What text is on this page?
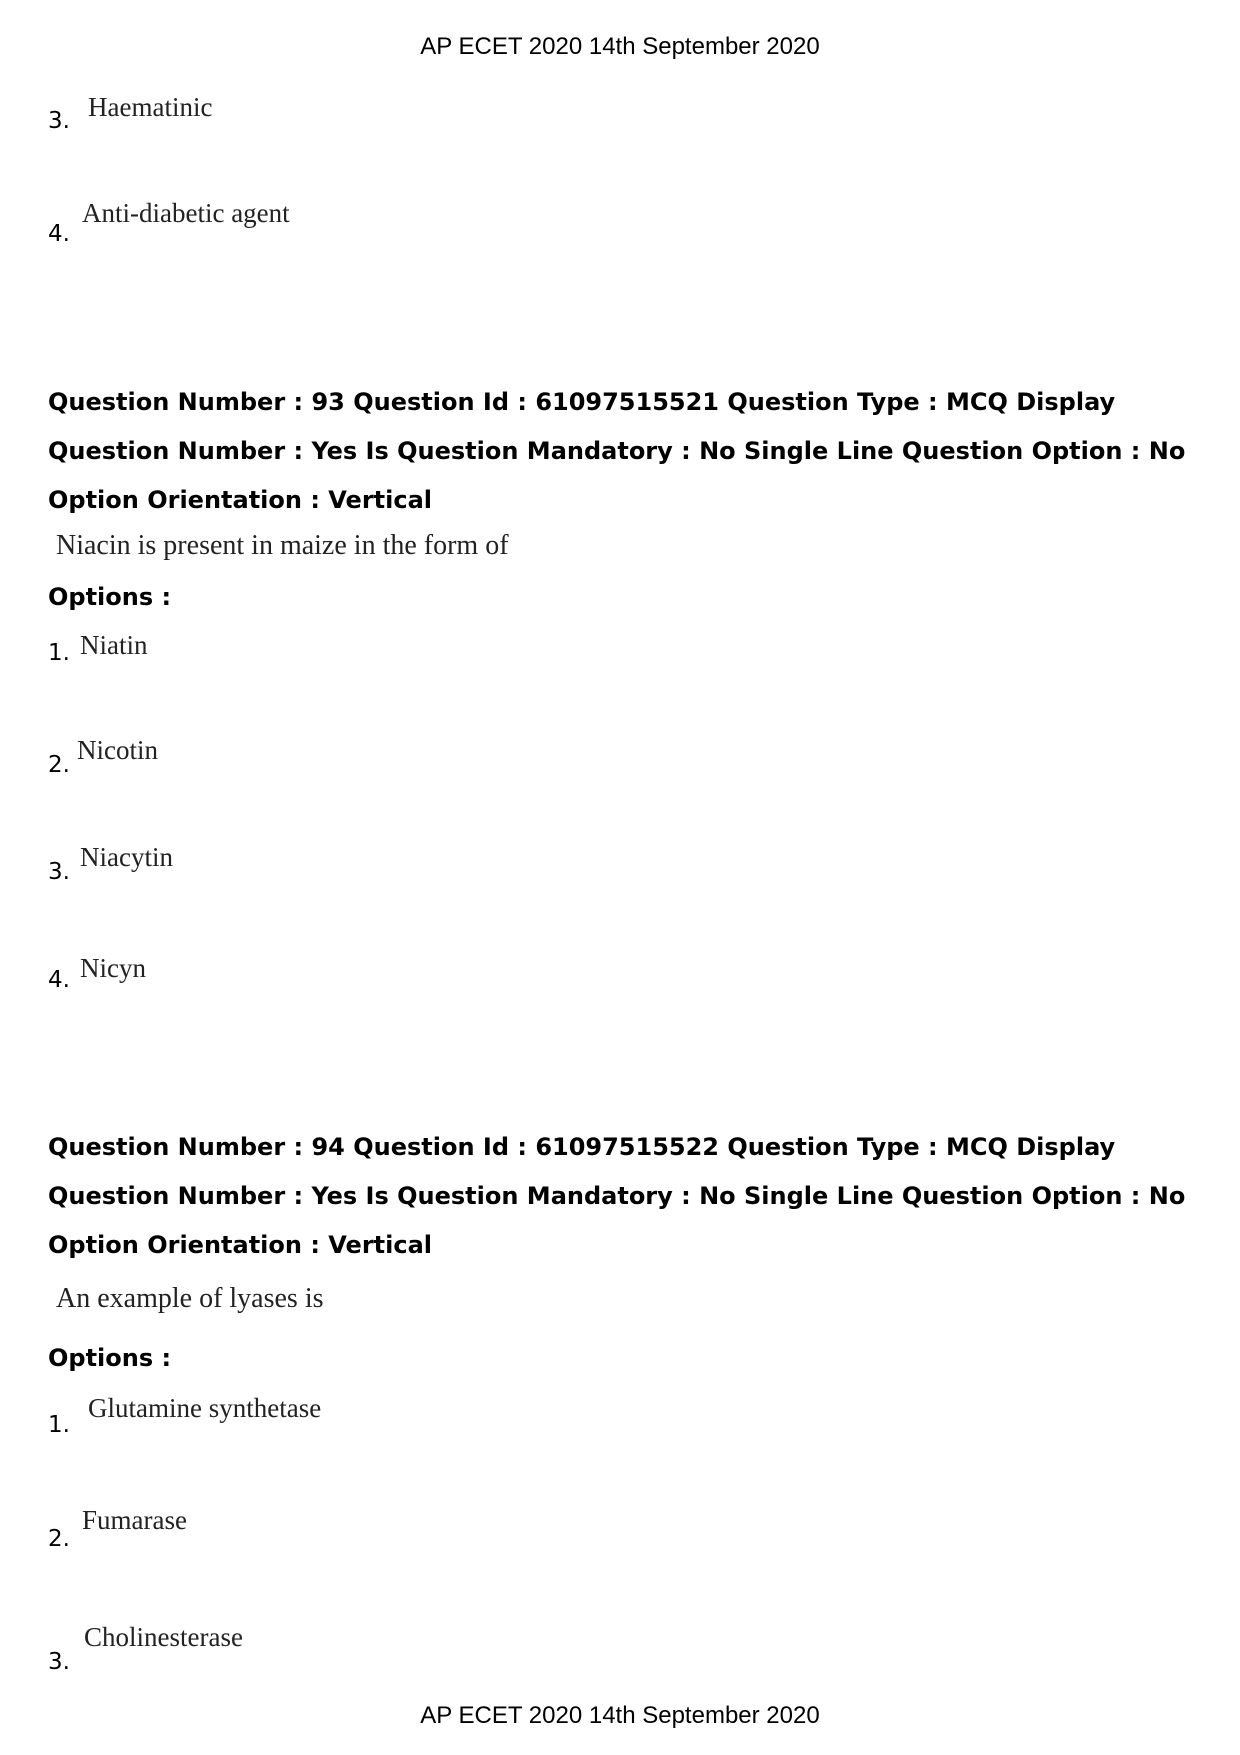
AP ECET 2020 14th September 2020
3. Haematinic
4.
Anti-diabetic agent
Question Number : 93 Question Id : 61097515521 Question Type : MCQ Display Question Number : Yes Is Question Mandatory : No Single Line Question Option : No Option Orientation : Vertical
Niacin is present in maize in the form of
Options :
1. Niatin
2. Nicotin
3. Niacytin
4. Nicyn
Question Number : 94 Question Id : 61097515522 Question Type : MCQ Display Question Number : Yes Is Question Mandatory : No Single Line Question Option : No Option Orientation : Vertical
An example of lyases is
Options :
1.
Glutamine synthetase
2.
Fumarase
3.
Cholinesterase
AP ECET 2020 14th September 2020
